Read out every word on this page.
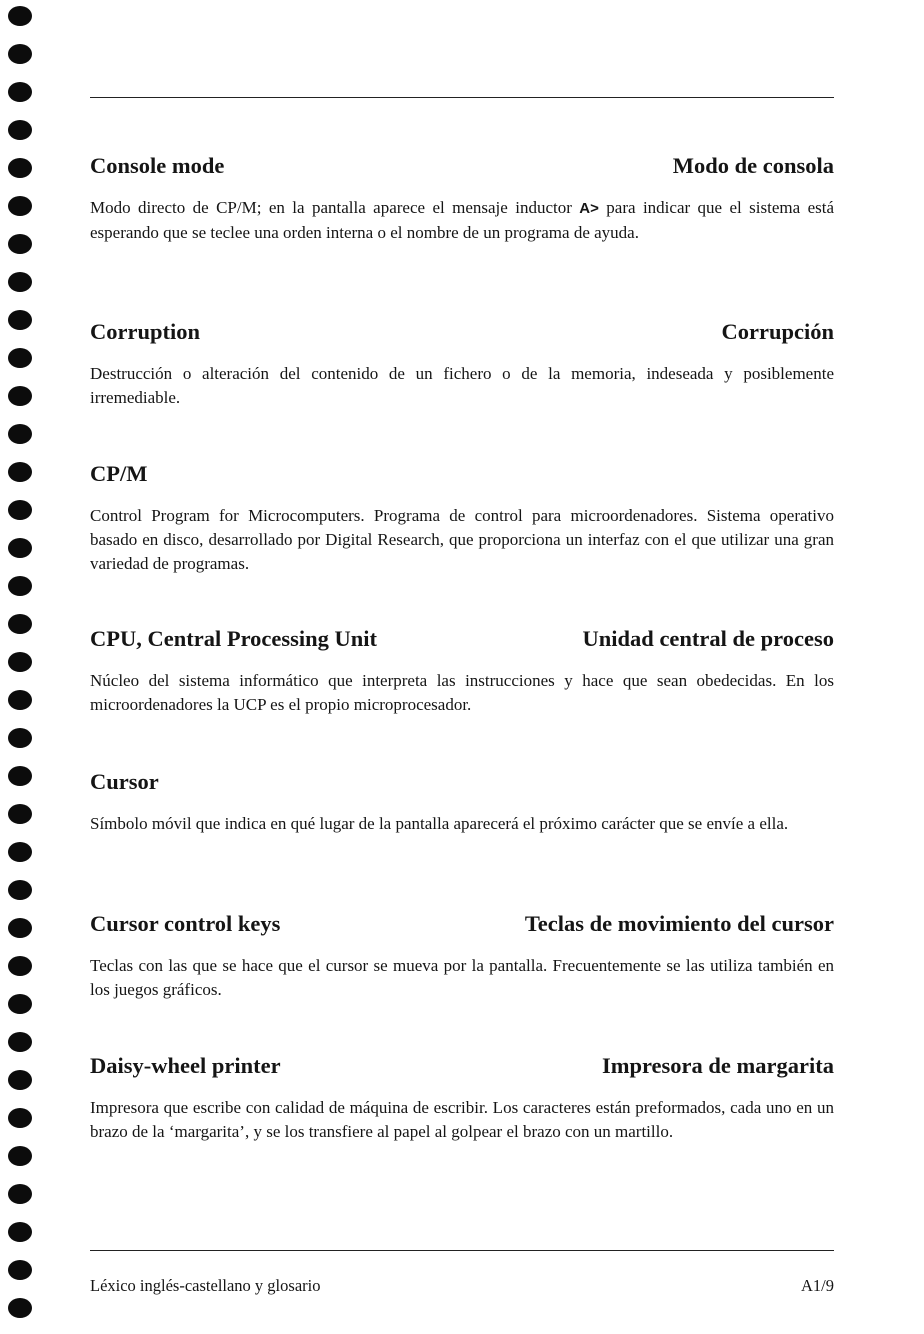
Console mode	Modo de consola

Modo directo de CP/M; en la pantalla aparece el mensaje inductor A> para indicar que el sistema está esperando que se teclee una orden interna o el nombre de un programa de ayuda.

Corruption	Corrupción

Destrucción o alteración del contenido de un fichero o de la memoria, indeseada y posiblemente irremediable.

CP/M

Control Program for Microcomputers. Programa de control para microordenadores. Sistema operativo basado en disco, desarrollado por Digital Research, que proporciona un interfaz con el que utilizar una gran variedad de programas.

CPU, Central Processing Unit	Unidad central de proceso

Núcleo del sistema informático que interpreta las instrucciones y hace que sean obedecidas. En los microordenadores la UCP es el propio microprocesador.

Cursor

Símbolo móvil que indica en qué lugar de la pantalla aparecerá el próximo carácter que se envíe a ella.

Cursor control keys	Teclas de movimiento del cursor

Teclas con las que se hace que el cursor se mueva por la pantalla. Frecuentemente se las utiliza también en los juegos gráficos.

Daisy-wheel printer	Impresora de margarita

Impresora que escribe con calidad de máquina de escribir. Los caracteres están preformados, cada uno en un brazo de la ‘margarita’, y se los transfiere al papel al golpear el brazo con un martillo.

Léxico inglés-castellano y glosario	A1/9
